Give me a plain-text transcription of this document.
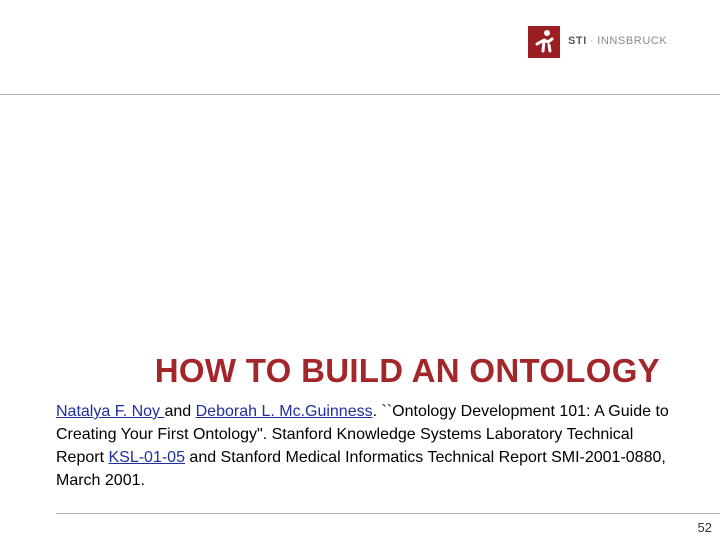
STI · INNSBRUCK
HOW TO BUILD AN ONTOLOGY

Natalya F. Noy and Deborah L. Mc.Guinness. ``Ontology Development 101: A Guide to Creating Your First Ontology". Stanford Knowledge Systems Laboratory Technical Report KSL-01-05 and Stanford Medical Informatics Technical Report SMI-2001-0880, March 2001.

52
